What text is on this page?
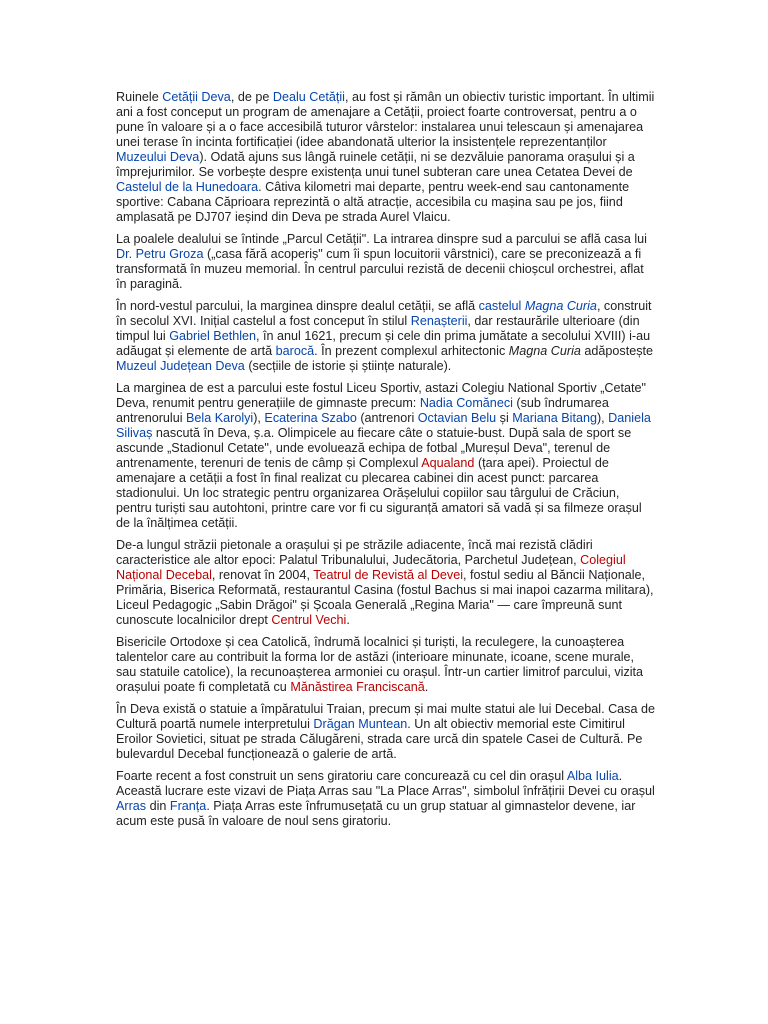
Ruinele Cetății Deva, de pe Dealu Cetății, au fost și rămân un obiectiv turistic important. În ultimii ani a fost conceput un program de amenajare a Cetății, proiect foarte controversat, pentru a o pune în valoare și a o face accesibilă tuturor vârstelor: instalarea unui telescaun și amenajarea unei terase în incinta fortificației (idee abandonată ulterior la insistențele reprezentanților Muzeului Deva). Odată ajuns sus lângă ruinele cetății, ni se dezvăluie panorama orașului și a împrejurimilor. Se vorbește despre existența unui tunel subteran care unea Cetatea Devei de Castelul de la Hunedoara. Câtiva kilometri mai departe, pentru week-end sau cantonamente sportive: Cabana Căprioara reprezintă o altă atracție, accesibila cu mașina sau pe jos, fiind amplasată pe DJ707 ieșind din Deva pe strada Aurel Vlaicu.

La poalele dealului se întinde „Parcul Cetății". La intrarea dinspre sud a parcului se află casa lui Dr. Petru Groza („casa fără acoperiș" cum îi spun locuitorii vârstnici), care se preconizează a fi transformată în muzeu memorial. În centrul parcului rezistă de decenii chioșcul orchestrei, aflat în paragină.

În nord-vestul parcului, la marginea dinspre dealul cetății, se află castelul Magna Curia, construit în secolul XVI. Inițial castelul a fost conceput în stilul Renașterii, dar restaurările ulterioare (din timpul lui Gabriel Bethlen, în anul 1621, precum și cele din prima jumătate a secolului XVIII) i-au adăugat și elemente de artă barocă. În prezent complexul arhitectonic Magna Curia adăpostește Muzeul Județean Deva (secțiile de istorie și științe naturale).

La marginea de est a parcului este fostul Liceu Sportiv, astazi Colegiu National Sportiv „Cetate" Deva, renumit pentru generațiile de gimnaste precum: Nadia Comăneci (sub îndrumarea antrenorului Bela Karolyi), Ecaterina Szabo (antrenori Octavian Belu și Mariana Bitang), Daniela Silivaș nascută în Deva, ș.a. Olimpicele au fiecare câte o statuie-bust. După sala de sport se ascunde „Stadionul Cetate", unde evoluează echipa de fotbal „Mureșul Deva", terenul de antrenamente, terenuri de tenis de câmp și Complexul Aqualand (țara apei). Proiectul de amenajare a cetății a fost în final realizat cu plecarea cabinei din acest punct: parcarea stadionului. Un loc strategic pentru organizarea Orășelului copiilor sau târgului de Crăciun, pentru turiști sau autohtoni, printre care vor fi cu siguranță amatori să vadă și sa filmeze orașul de la înălțimea cetății.

De-a lungul străzii pietonale a orașului și pe străzile adiacente, încă mai rezistă clădiri caracteristice ale altor epoci: Palatul Tribunalului, Judecătoria, Parchetul Județean, Colegiul Național Decebal, renovat în 2004, Teatrul de Revistă al Devei, fostul sediu al Băncii Naționale, Primăria, Biserica Reformată, restaurantul Casina (fostul Bachus si mai inapoi cazarma militara), Liceul Pedagogic „Sabin Drăgoi" și Școala Generală „Regina Maria" — care împreună sunt cunoscute localnicilor drept Centrul Vechi.

Bisericile Ortodoxe și cea Catolică, îndrumă localnici și turiști, la reculegere, la cunoașterea talentelor care au contribuit la forma lor de astăzi (interioare minunate, icoane, scene murale, sau statuile catolice), la recunoașterea armoniei cu orașul. Într-un cartier limitrof parcului, vizita orașului poate fi completată cu Mănăstirea Franciscană.

În Deva există o statuie a împăratului Traian, precum și mai multe statui ale lui Decebal. Casa de Cultură poartă numele interpretului Drăgan Muntean. Un alt obiectiv memorial este Cimitirul Eroilor Sovietici, situat pe strada Călugăreni, strada care urcă din spatele Casei de Cultură. Pe bulevardul Decebal funcționează o galerie de artă.

Foarte recent a fost construit un sens giratoriu care concurează cu cel din orașul Alba Iulia. Această lucrare este vizavi de Piața Arras sau "La Place Arras", simbolul înfrățirii Devei cu orașul Arras din Franța. Piața Arras este înfrumusețată cu un grup statuar al gimnastelor devene, iar acum este pusă în valoare de noul sens giratoriu.
